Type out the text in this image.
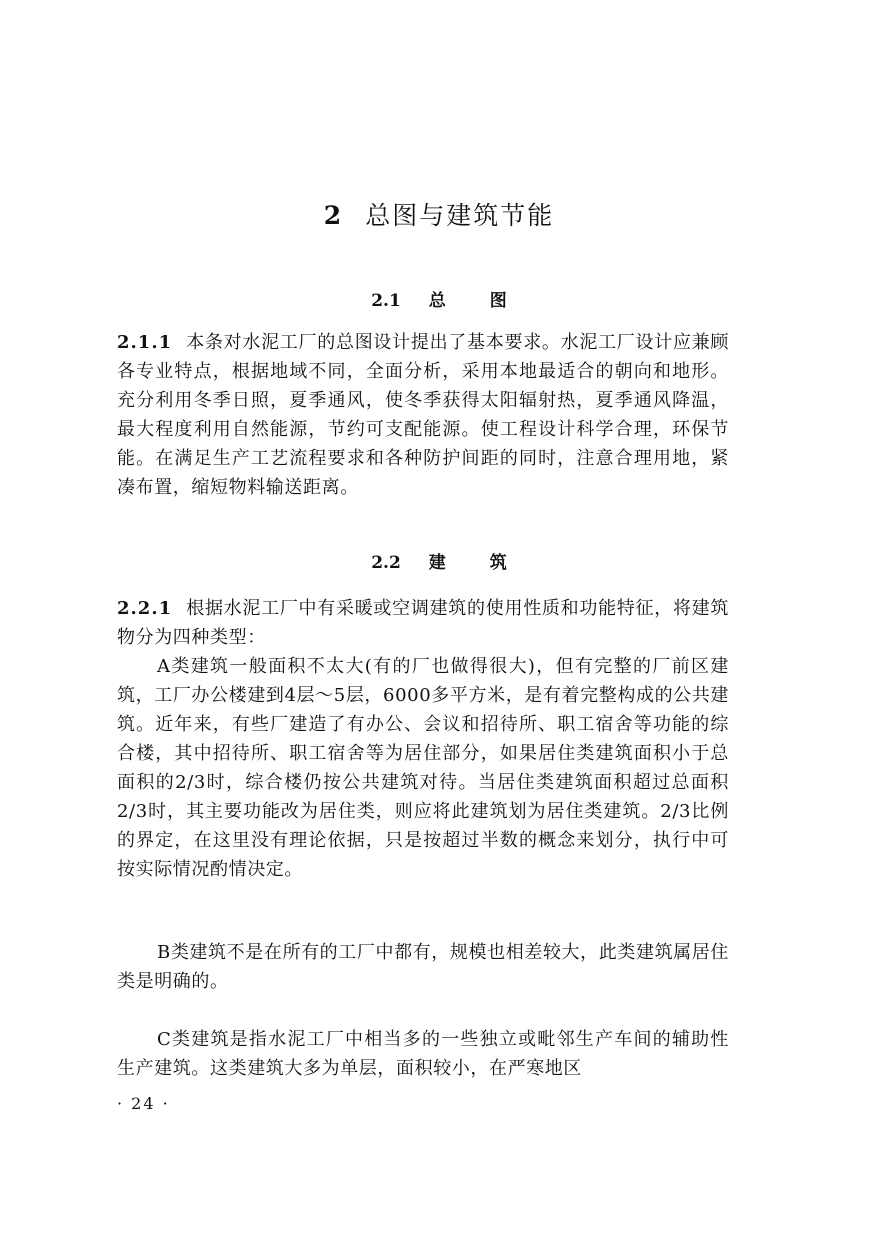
2 总图与建筑节能
2.1 总图

2.1.1 本条对水泥工厂的总图设计提出了基本要求。水泥工厂设计应兼顾各专业特点，根据地域不同，全面分析，采用本地最适合的朝向和地形。充分利用冬季日照，夏季通风，使冬季获得太阳辐射热，夏季通风降温，最大程度利用自然能源，节约可支配能源。使工程设计科学合理，环保节能。在满足生产工艺流程要求和各种防护间距的同时，注意合理用地，紧凑布置，缩短物料输送距离。

2.2 建筑

2.2.1 根据水泥工厂中有采暖或空调建筑的使用性质和功能特征，将建筑物分为四种类型：

A类建筑一般面积不太大(有的厂也做得很大)，但有完整的厂前区建筑，工厂办公楼建到4层～5层，6000多平方米，是有着完整构成的公共建筑。近年来，有些厂建造了有办公、会议和招待所、职工宿舍等功能的综合楼，其中招待所、职工宿舍等为居住部分，如果居住类建筑面积小于总面积的2/3时，综合楼仍按公共建筑对待。当居住类建筑面积超过总面积2/3时，其主要功能改为居住类，则应将此建筑划为居住类建筑。2/3比例的界定，在这里没有理论依据，只是按超过半数的概念来划分，执行中可按实际情况酌情决定。

B类建筑不是在所有的工厂中都有，规模也相差较大，此类建筑属居住类是明确的。

C类建筑是指水泥工厂中相当多的一些独立或毗邻生产车间的辅助性生产建筑。这类建筑大多为单层，面积较小，在严寒地区

· 24 ·
